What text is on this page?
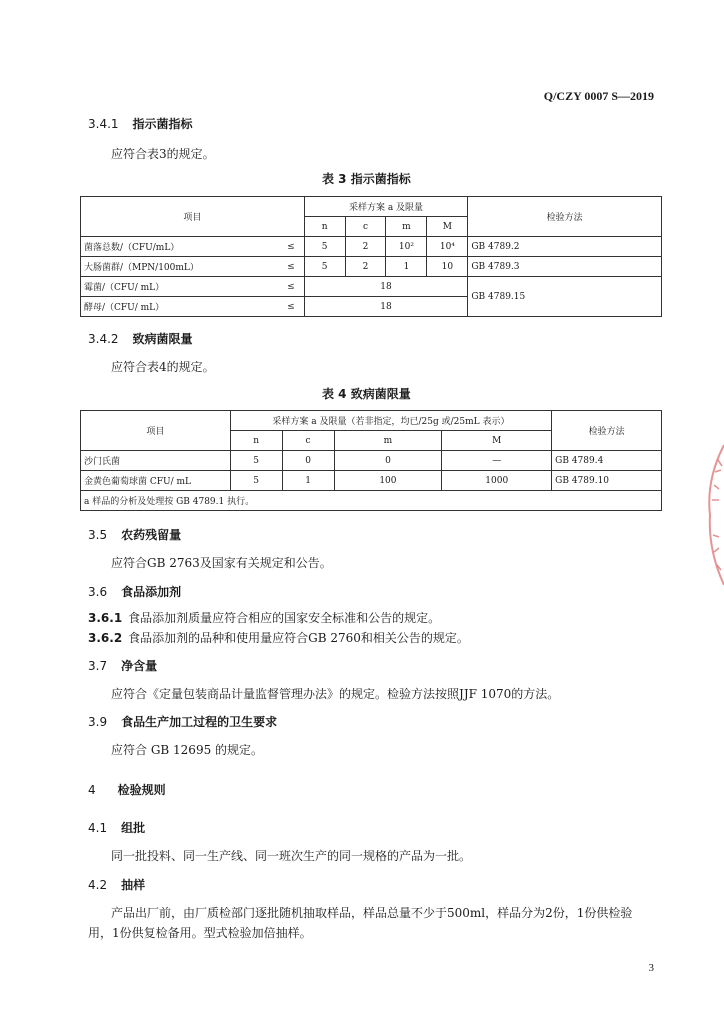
Q/CZY 0007 S—2019
3.4.1 指示菌指标
应符合表3的规定。
表 3 指示菌指标
项目		采样方案 a 及限量				检验方法
		n	c	m	M	
菌落总数/（CFU/mL）	≤	5	2	10²	10⁴	GB 4789.2
大肠菌群/（MPN/100mL）	≤	5	2	1	10	GB 4789.3
霉菌/（CFU/ mL）	≤	18				GB 4789.15
酵母/（CFU/ mL）	≤	18				
3.4.2 致病菌限量
应符合表4的规定。
表 4 致病菌限量
项目	采样方案 a 及限量（若非指定，均已/25g 或/25mL 表示）				检验方法
	n	c	m	M	
沙门氏菌	5	0	0	—	GB 4789.4
金黄色葡萄球菌 CFU/ mL	5	1	100	1000	GB 4789.10
a 样品的分析及处理按 GB 4789.1 执行。					
3.5 农药残留量
应符合GB 2763及国家有关规定和公告。
3.6 食品添加剂
3.6.1 食品添加剂质量应符合相应的国家安全标准和公告的规定。
3.6.2 食品添加剂的品种和使用量应符合GB 2760和相关公告的规定。
3.7 净含量
应符合《定量包装商品计量监督管理办法》的规定。检验方法按照JJF 1070的方法。
3.9 食品生产加工过程的卫生要求
应符合 GB 12695 的规定。
4 检验规则
4.1 组批
同一批投料、同一生产线、同一班次生产的同一规格的产品为一批。
4.2 抽样
产品出厂前，由厂质检部门逐批随机抽取样品，样品总量不少于500ml，样品分为2份，1份供检验
用，1份供复检备用。型式检验加倍抽样。
3
